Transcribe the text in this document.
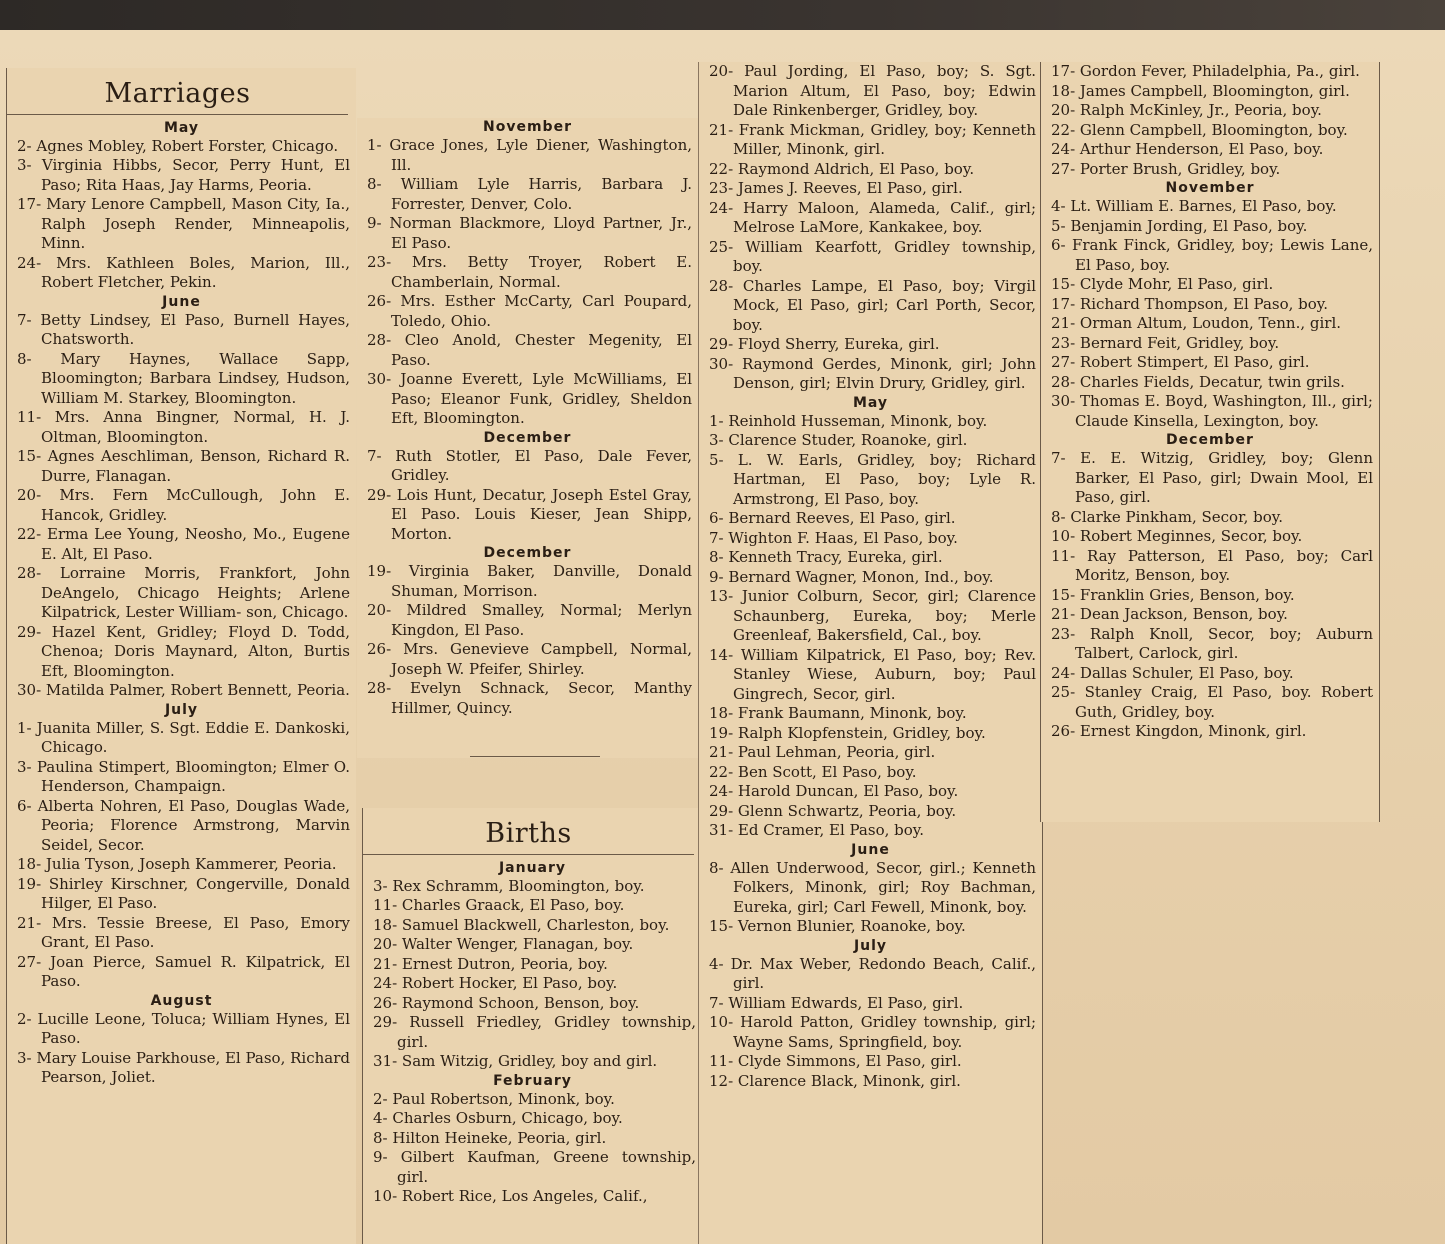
Marriages
May

2- Agnes Mobley, Robert Forster, Chicago.

3- Virginia Hibbs, Secor, Perry Hunt, El Paso; Rita Haas, Jay Harms, Peoria.

17- Mary Lenore Campbell, Mason City, Ia., Ralph Joseph Render, Minneapolis, Minn.

24- Mrs. Kathleen Boles, Marion, Ill., Robert Fletcher, Pekin.

June

7- Betty Lindsey, El Paso, Burnell Hayes, Chatsworth.

8- Mary Haynes, Wallace Sapp, Bloomington; Barbara Lindsey, Hudson, William M. Starkey, Bloomington.

11- Mrs. Anna Bingner, Normal, H. J. Oltman, Bloomington.

15- Agnes Aeschliman, Benson, Richard R. Durre, Flanagan.

20- Mrs. Fern McCullough, John E. Hancok, Gridley.

22- Erma Lee Young, Neosho, Mo., Eugene E. Alt, El Paso.

28- Lorraine Morris, Frankfort, John DeAngelo, Chicago Heights; Arlene Kilpatrick, Lester William- son, Chicago.

29- Hazel Kent, Gridley; Floyd D. Todd, Chenoa; Doris Maynard, Alton, Burtis Eft, Bloomington.

30- Matilda Palmer, Robert Bennett, Peoria.

July

1- Juanita Miller, S. Sgt. Eddie E. Dankoski, Chicago.

3- Paulina Stimpert, Bloomington; Elmer O. Henderson, Champaign.

6- Alberta Nohren, El Paso, Douglas Wade, Peoria; Florence Armstrong, Marvin Seidel, Secor.

18- Julia Tyson, Joseph Kammerer, Peoria.

19- Shirley Kirschner, Congerville, Donald Hilger, El Paso.

21- Mrs. Tessie Breese, El Paso, Emory Grant, El Paso.

27- Joan Pierce, Samuel R. Kilpatrick, El Paso.

August

2- Lucille Leone, Toluca; William Hynes, El Paso.

3- Mary Louise Parkhouse, El Paso, Richard Pearson, Joliet.

November

1- Grace Jones, Lyle Diener, Washington, Ill.

8- William Lyle Harris, Barbara J. Forrester, Denver, Colo.

9- Norman Blackmore, Lloyd Partner, Jr., El Paso.

23- Mrs. Betty Troyer, Robert E. Chamberlain, Normal.

26- Mrs. Esther McCarty, Carl Poupard, Toledo, Ohio.

28- Cleo Anold, Chester Megenity, El Paso.

30- Joanne Everett, Lyle McWilliams, El Paso; Eleanor Funk, Gridley, Sheldon Eft, Bloomington.

December

7- Ruth Stotler, El Paso, Dale Fever, Gridley.

29- Lois Hunt, Decatur, Joseph Estel Gray, El Paso. Louis Kieser, Jean Shipp, Morton.

December

19- Virginia Baker, Danville, Donald Shuman, Morrison.

20- Mildred Smalley, Normal; Merlyn Kingdon, El Paso.

26- Mrs. Genevieve Campbell, Normal, Joseph W. Pfeifer, Shirley.

28- Evelyn Schnack, Secor, Manthy Hillmer, Quincy.

Births
January

3- Rex Schramm, Bloomington, boy.

11- Charles Graack, El Paso, boy.

18- Samuel Blackwell, Charleston, boy.

20- Walter Wenger, Flanagan, boy.

21- Ernest Dutron, Peoria, boy.

24- Robert Hocker, El Paso, boy.

26- Raymond Schoon, Benson, boy.

29- Russell Friedley, Gridley township, girl.

31- Sam Witzig, Gridley, boy and girl.

February

2- Paul Robertson, Minonk, boy.

4- Charles Osburn, Chicago, boy.

8- Hilton Heineke, Peoria, girl.

9- Gilbert Kaufman, Greene township, girl.

10- Robert Rice, Los Angeles, Calif.,

20- Paul Jording, El Paso, boy; S. Sgt. Marion Altum, El Paso, boy; Edwin Dale Rinkenberger, Gridley, boy.

21- Frank Mickman, Gridley, boy; Kenneth Miller, Minonk, girl.

22- Raymond Aldrich, El Paso, boy.

23- James J. Reeves, El Paso, girl.

24- Harry Maloon, Alameda, Calif., girl; Melrose LaMore, Kankakee, boy.

25- William Kearfott, Gridley township, boy.

28- Charles Lampe, El Paso, boy; Virgil Mock, El Paso, girl; Carl Porth, Secor, boy.

29- Floyd Sherry, Eureka, girl.

30- Raymond Gerdes, Minonk, girl; John Denson, girl; Elvin Drury, Gridley, girl.

May

1- Reinhold Husseman, Minonk, boy.

3- Clarence Studer, Roanoke, girl.

5- L. W. Earls, Gridley, boy; Richard Hartman, El Paso, boy; Lyle R. Armstrong, El Paso, boy.

6- Bernard Reeves, El Paso, girl.

7- Wighton F. Haas, El Paso, boy.

8- Kenneth Tracy, Eureka, girl.

9- Bernard Wagner, Monon, Ind., boy.

13- Junior Colburn, Secor, girl; Clarence Schaunberg, Eureka, boy; Merle Greenleaf, Bakersfield, Cal., boy.

14- William Kilpatrick, El Paso, boy; Rev. Stanley Wiese, Auburn, boy; Paul Gingrech, Secor, girl.

18- Frank Baumann, Minonk, boy.

19- Ralph Klopfenstein, Gridley, boy.

21- Paul Lehman, Peoria, girl.

22- Ben Scott, El Paso, boy.

24- Harold Duncan, El Paso, boy.

29- Glenn Schwartz, Peoria, boy.

31- Ed Cramer, El Paso, boy.

June

8- Allen Underwood, Secor, girl.; Kenneth Folkers, Minonk, girl; Roy Bachman, Eureka, girl; Carl Fewell, Minonk, boy.

15- Vernon Blunier, Roanoke, boy.

July

4- Dr. Max Weber, Redondo Beach, Calif., girl.

7- William Edwards, El Paso, girl.

10- Harold Patton, Gridley township, girl; Wayne Sams, Springfield, boy.

11- Clyde Simmons, El Paso, girl.

12- Clarence Black, Minonk, girl.

17- Gordon Fever, Philadelphia, Pa., girl.

18- James Campbell, Bloomington, girl.

20- Ralph McKinley, Jr., Peoria, boy.

22- Glenn Campbell, Bloomington, boy.

24- Arthur Henderson, El Paso, boy.

27- Porter Brush, Gridley, boy.

November

4- Lt. William E. Barnes, El Paso, boy.

5- Benjamin Jording, El Paso, boy.

6- Frank Finck, Gridley, boy; Lewis Lane, El Paso, boy.

15- Clyde Mohr, El Paso, girl.

17- Richard Thompson, El Paso, boy.

21- Orman Altum, Loudon, Tenn., girl.

23- Bernard Feit, Gridley, boy.

27- Robert Stimpert, El Paso, girl.

28- Charles Fields, Decatur, twin grils.

30- Thomas E. Boyd, Washington, Ill., girl; Claude Kinsella, Lexington, boy.

December

7- E. E. Witzig, Gridley, boy; Glenn Barker, El Paso, girl; Dwain Mool, El Paso, girl.

8- Clarke Pinkham, Secor, boy.

10- Robert Meginnes, Secor, boy.

11- Ray Patterson, El Paso, boy; Carl Moritz, Benson, boy.

15- Franklin Gries, Benson, boy.

21- Dean Jackson, Benson, boy.

23- Ralph Knoll, Secor, boy; Auburn Talbert, Carlock, girl.

24- Dallas Schuler, El Paso, boy.

25- Stanley Craig, El Paso, boy. Robert Guth, Gridley, boy.

26- Ernest Kingdon, Minonk, girl.
